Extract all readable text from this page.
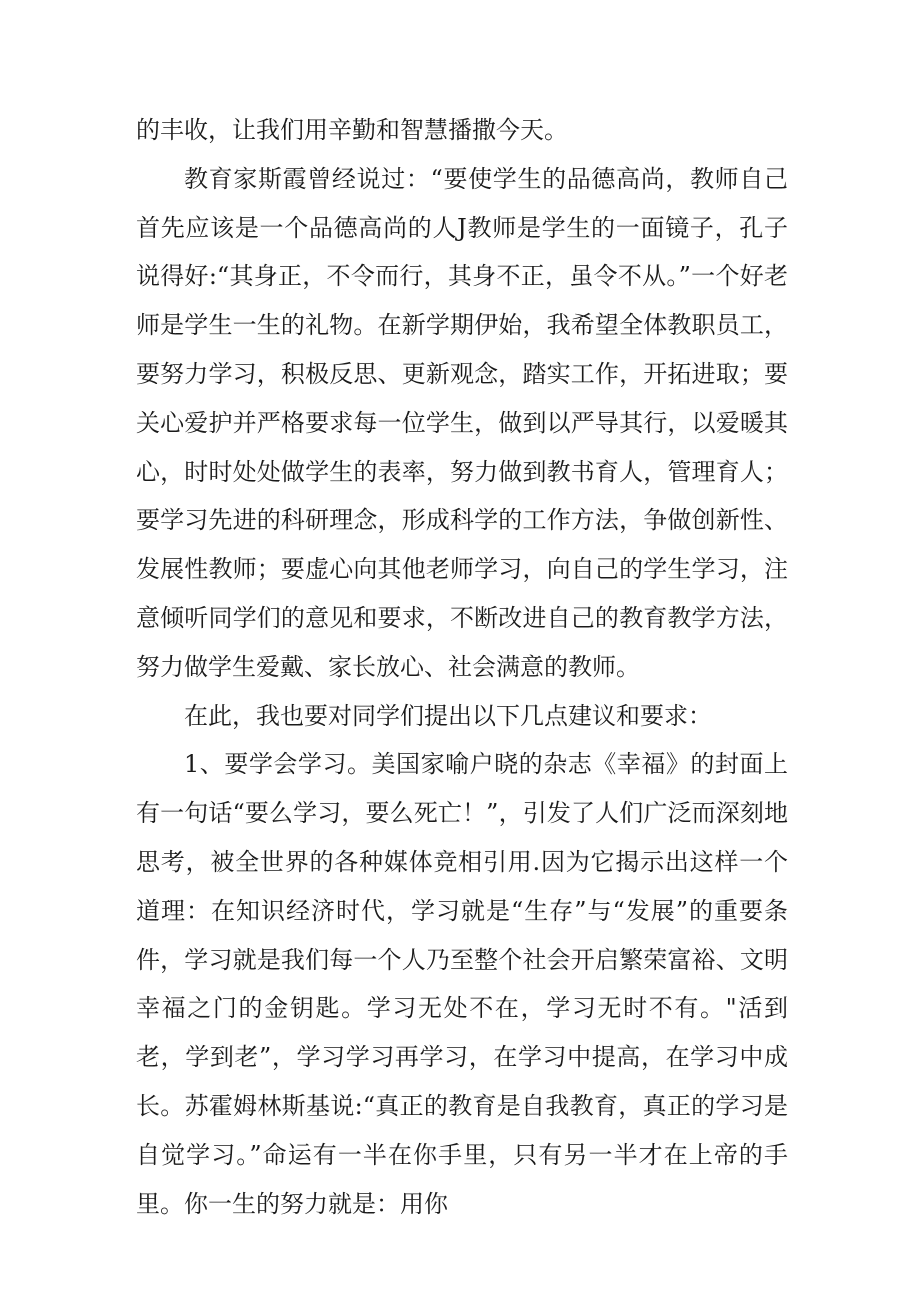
的丰收，让我们用辛勤和智慧播撒今天。

教育家斯霞曾经说过：“要使学生的品德高尚，教师自己首先应该是一个品德高尚的人J教师是学生的一面镜子，孔子说得好:“其身正，不令而行，其身不正，虽令不从。”一个好老师是学生一生的礼物。在新学期伊始，我希望全体教职员工，要努力学习，积极反思、更新观念，踏实工作，开拓进取；要关心爱护并严格要求每一位学生，做到以严导其行，以爱暖其心，时时处处做学生的表率，努力做到教书育人，管理育人；要学习先进的科研理念，形成科学的工作方法，争做创新性、发展性教师；要虚心向其他老师学习，向自己的学生学习，注意倾听同学们的意见和要求，不断改进自己的教育教学方法，努力做学生爱戴、家长放心、社会满意的教师。

在此，我也要对同学们提出以下几点建议和要求：

1、要学会学习。美国家喻户晓的杂志《幸福》的封面上有一句话“要么学习，要么死亡！”，引发了人们广泛而深刻地思考，被全世界的各种媒体竞相引用.因为它揭示出这样一个道理：在知识经济时代，学习就是“生存”与“发展”的重要条件，学习就是我们每一个人乃至整个社会开启繁荣富裕、文明幸福之门的金钥匙。学习无处不在，学习无时不有。"活到老，学到老”，学习学习再学习，在学习中提高，在学习中成长。苏霍姆林斯基说:“真正的教育是自我教育，真正的学习是自觉学习。”命运有一半在你手里，只有另一半才在上帝的手里。你一生的努力就是：用你
